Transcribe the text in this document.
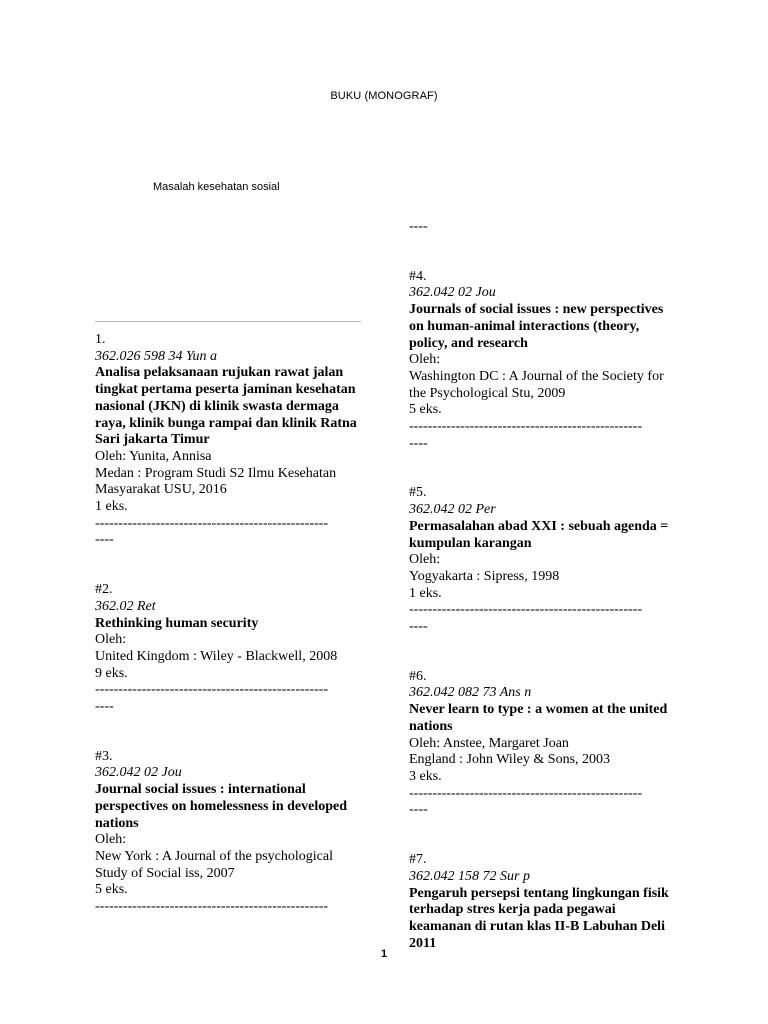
BUKU (MONOGRAF)
Masalah kesehatan sosial
1.
362.026 598 34 Yun a
Analisa pelaksanaan rujukan rawat jalan tingkat pertama peserta jaminan kesehatan nasional (JKN) di klinik swasta dermaga raya, klinik bunga rampai dan klinik Ratna Sari jakarta Timur
Oleh: Yunita, Annisa
Medan : Program Studi S2 Ilmu Kesehatan Masyarakat USU, 2016
1 eks.
--------------------------------------------------
----
#2.
362.02 Ret
Rethinking human security
Oleh:
United Kingdom : Wiley - Blackwell, 2008
9 eks.
--------------------------------------------------
----
#3.
362.042 02 Jou
Journal social issues : international perspectives on homelessness in developed nations
Oleh:
New York : A Journal of the psychological Study of Social iss, 2007
5 eks.
--------------------------------------------------
----
#4.
362.042 02 Jou
Journals of social issues : new perspectives on human-animal interactions (theory, policy, and research
Oleh:
Washington DC : A Journal of the Society for the Psychological Stu, 2009
5 eks.
--------------------------------------------------
----
#5.
362.042 02 Per
Permasalahan abad XXI : sebuah agenda = kumpulan karangan
Oleh:
Yogyakarta : Sipress, 1998
1 eks.
--------------------------------------------------
----
#6.
362.042 082 73 Ans n
Never learn to type : a women at the united nations
Oleh: Anstee, Margaret Joan
England : John Wiley & Sons, 2003
3 eks.
--------------------------------------------------
----
#7.
362.042 158 72 Sur p
Pengaruh persepsi tentang lingkungan fisik terhadap stres kerja pada pegawai keamanan di rutan klas II-B Labuhan Deli 2011
1
